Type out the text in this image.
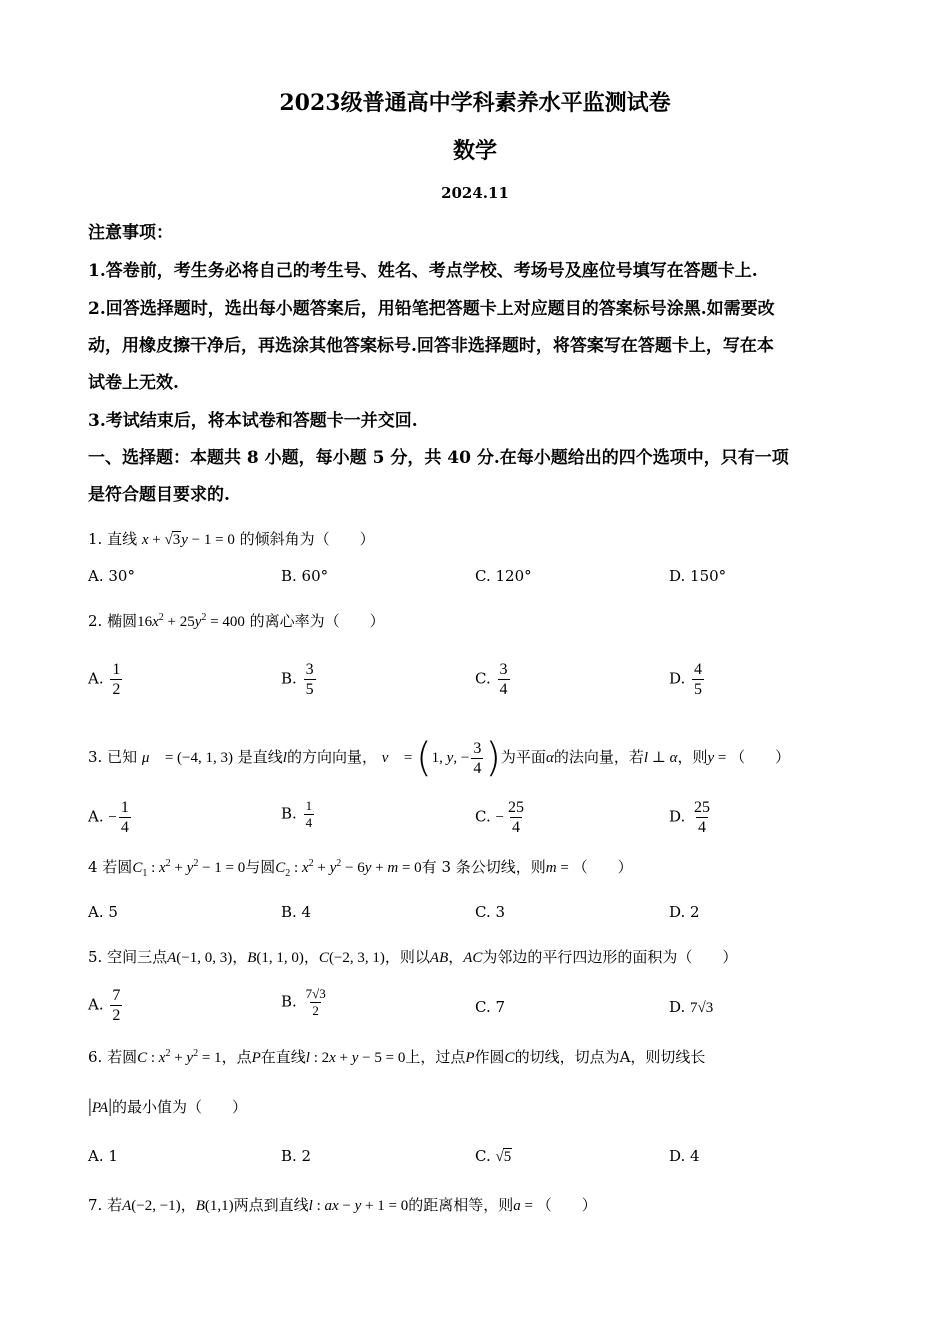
2023级普通高中学科素养水平监测试卷
数学
2024.11
注意事项：
1.答卷前，考生务必将自己的考生号、姓名、考点学校、考场号及座位号填写在答题卡上.
2.回答选择题时，选出每小题答案后，用铅笔把答题卡上对应题目的答案标号涂黑.如需要改
动，用橡皮擦干净后，再选涂其他答案标号.回答非选择题时，将答案写在答题卡上，写在本
试卷上无效.
3.考试结束后，将本试卷和答题卡一并交回.
一、选择题：本题共 8 小题，每小题 5 分，共 40 分.在每小题给出的四个选项中，只有一项
是符合题目要求的.
1. 直线 x + √3y − 1 = 0 的倾斜角为（　　）
A. 30°	B. 60°	C. 120°	D. 150°
2. 椭圆$16x^2 + 25y^2 = 400$ 的离心率为（　　）
A. $\frac{1}{2}$	B. $\frac{3}{5}$	C. $\frac{3}{4}$	D. $\frac{4}{5}$
3. 已知 μ⃗ = (−4, 1, 3) 是直线l的方向向量， v⃗ = (1, y, − $\frac{3}{4}$ )为平面α的法向量，若l ⊥ α，则y = （　　）
A. − $\frac{1}{4}$	B. $\frac{1}{4}$	C. − $\frac{25}{4}$	D. $\frac{25}{4}$
4 若圆$C_1$ : $x^2 + y^2 - 1 = 0$与圆$C_2$ : $x^2 + y^2 - 6y + m = 0$有 3 条公切线，则m = （　　）
A. 5	B. 4	C. 3	D. 2
5. 空间三点A(−1, 0, 3)，B(1, 1, 0)，C(−2, 3, 1)，则以AB，AC为邻边的平行四边形的面积为（　　）
A. $\frac{7}{2}$	B. $\frac{7√3}{2}$	C. 7	D. 7√3
6. 若圆C : $x^2 + y^2 = 1$，点P在直线l : 2x + y − 5 = 0上，过点P作圆C的切线，切点为A，则切线长
|PA|的最小值为（　　）
A. 1	B. 2	C. √5	D. 4
7. 若A(−2, −1)，B(1,1)两点到直线l : ax − y + 1 = 0的距离相等，则a = （　　）
